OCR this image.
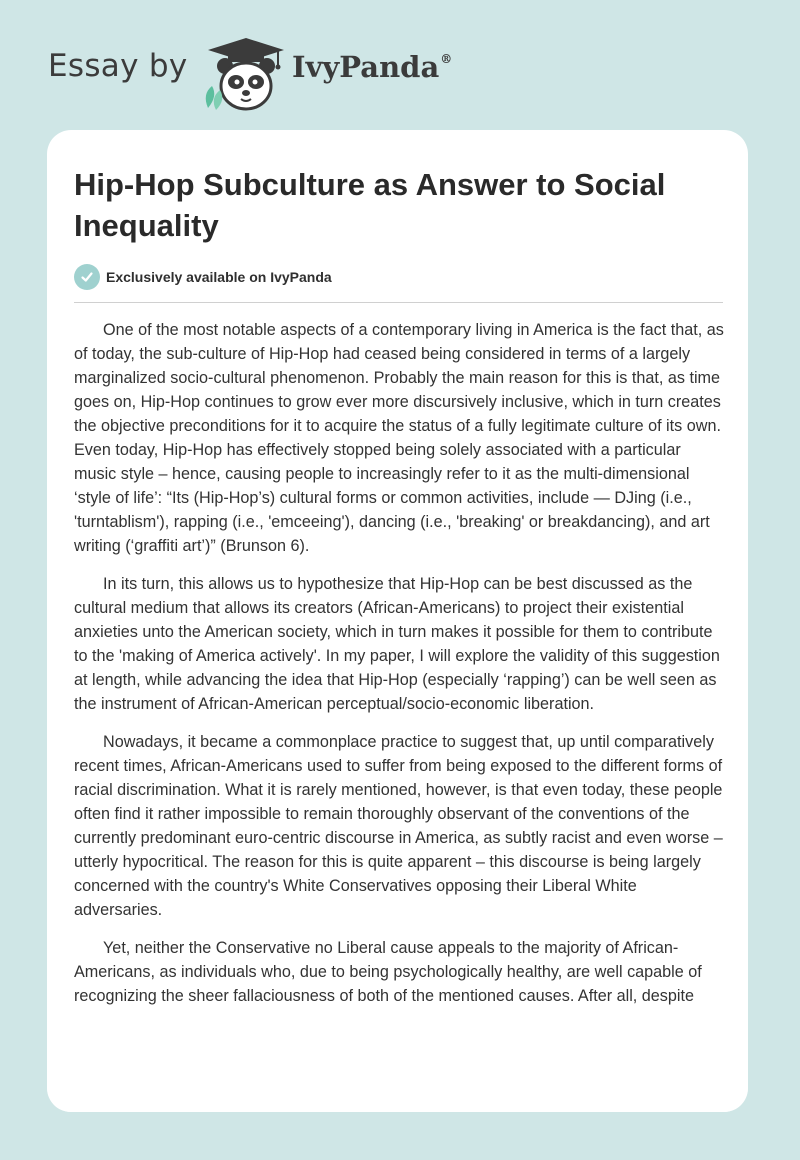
Essay by	IvyPanda®
Hip-Hop Subculture as Answer to Social Inequality
Exclusively available on IvyPanda

One of the most notable aspects of a contemporary living in America is the fact that, as of today, the sub-culture of Hip-Hop had ceased being considered in terms of a largely marginalized socio-cultural phenomenon. Probably the main reason for this is that, as time goes on, Hip-Hop continues to grow ever more discursively inclusive, which in turn creates the objective preconditions for it to acquire the status of a fully legitimate culture of its own. Even today, Hip-Hop has effectively stopped being solely associated with a particular music style – hence, causing people to increasingly refer to it as the multi-dimensional ‘style of life’: “Its (Hip-Hop’s) cultural forms or common activities, include — DJing (i.e., 'turntablism'), rapping (i.e., 'emceeing'), dancing (i.e., 'breaking' or breakdancing), and art writing (‘graffiti art’)” (Brunson 6).

In its turn, this allows us to hypothesize that Hip-Hop can be best discussed as the cultural medium that allows its creators (African-Americans) to project their existential anxieties unto the American society, which in turn makes it possible for them to contribute to the 'making of America actively'. In my paper, I will explore the validity of this suggestion at length, while advancing the idea that Hip-Hop (especially ‘rapping’) can be well seen as the instrument of African-American perceptual/socio-economic liberation.

Nowadays, it became a commonplace practice to suggest that, up until comparatively recent times, African-Americans used to suffer from being exposed to the different forms of racial discrimination. What it is rarely mentioned, however, is that even today, these people often find it rather impossible to remain thoroughly observant of the conventions of the currently predominant euro-centric discourse in America, as subtly racist and even worse – utterly hypocritical. The reason for this is quite apparent – this discourse is being largely concerned with the country's White Conservatives opposing their Liberal White adversaries.

Yet, neither the Conservative no Liberal cause appeals to the majority of African-Americans, as individuals who, due to being psychologically healthy, are well capable of recognizing the sheer fallaciousness of both of the mentioned causes. After all, despite
